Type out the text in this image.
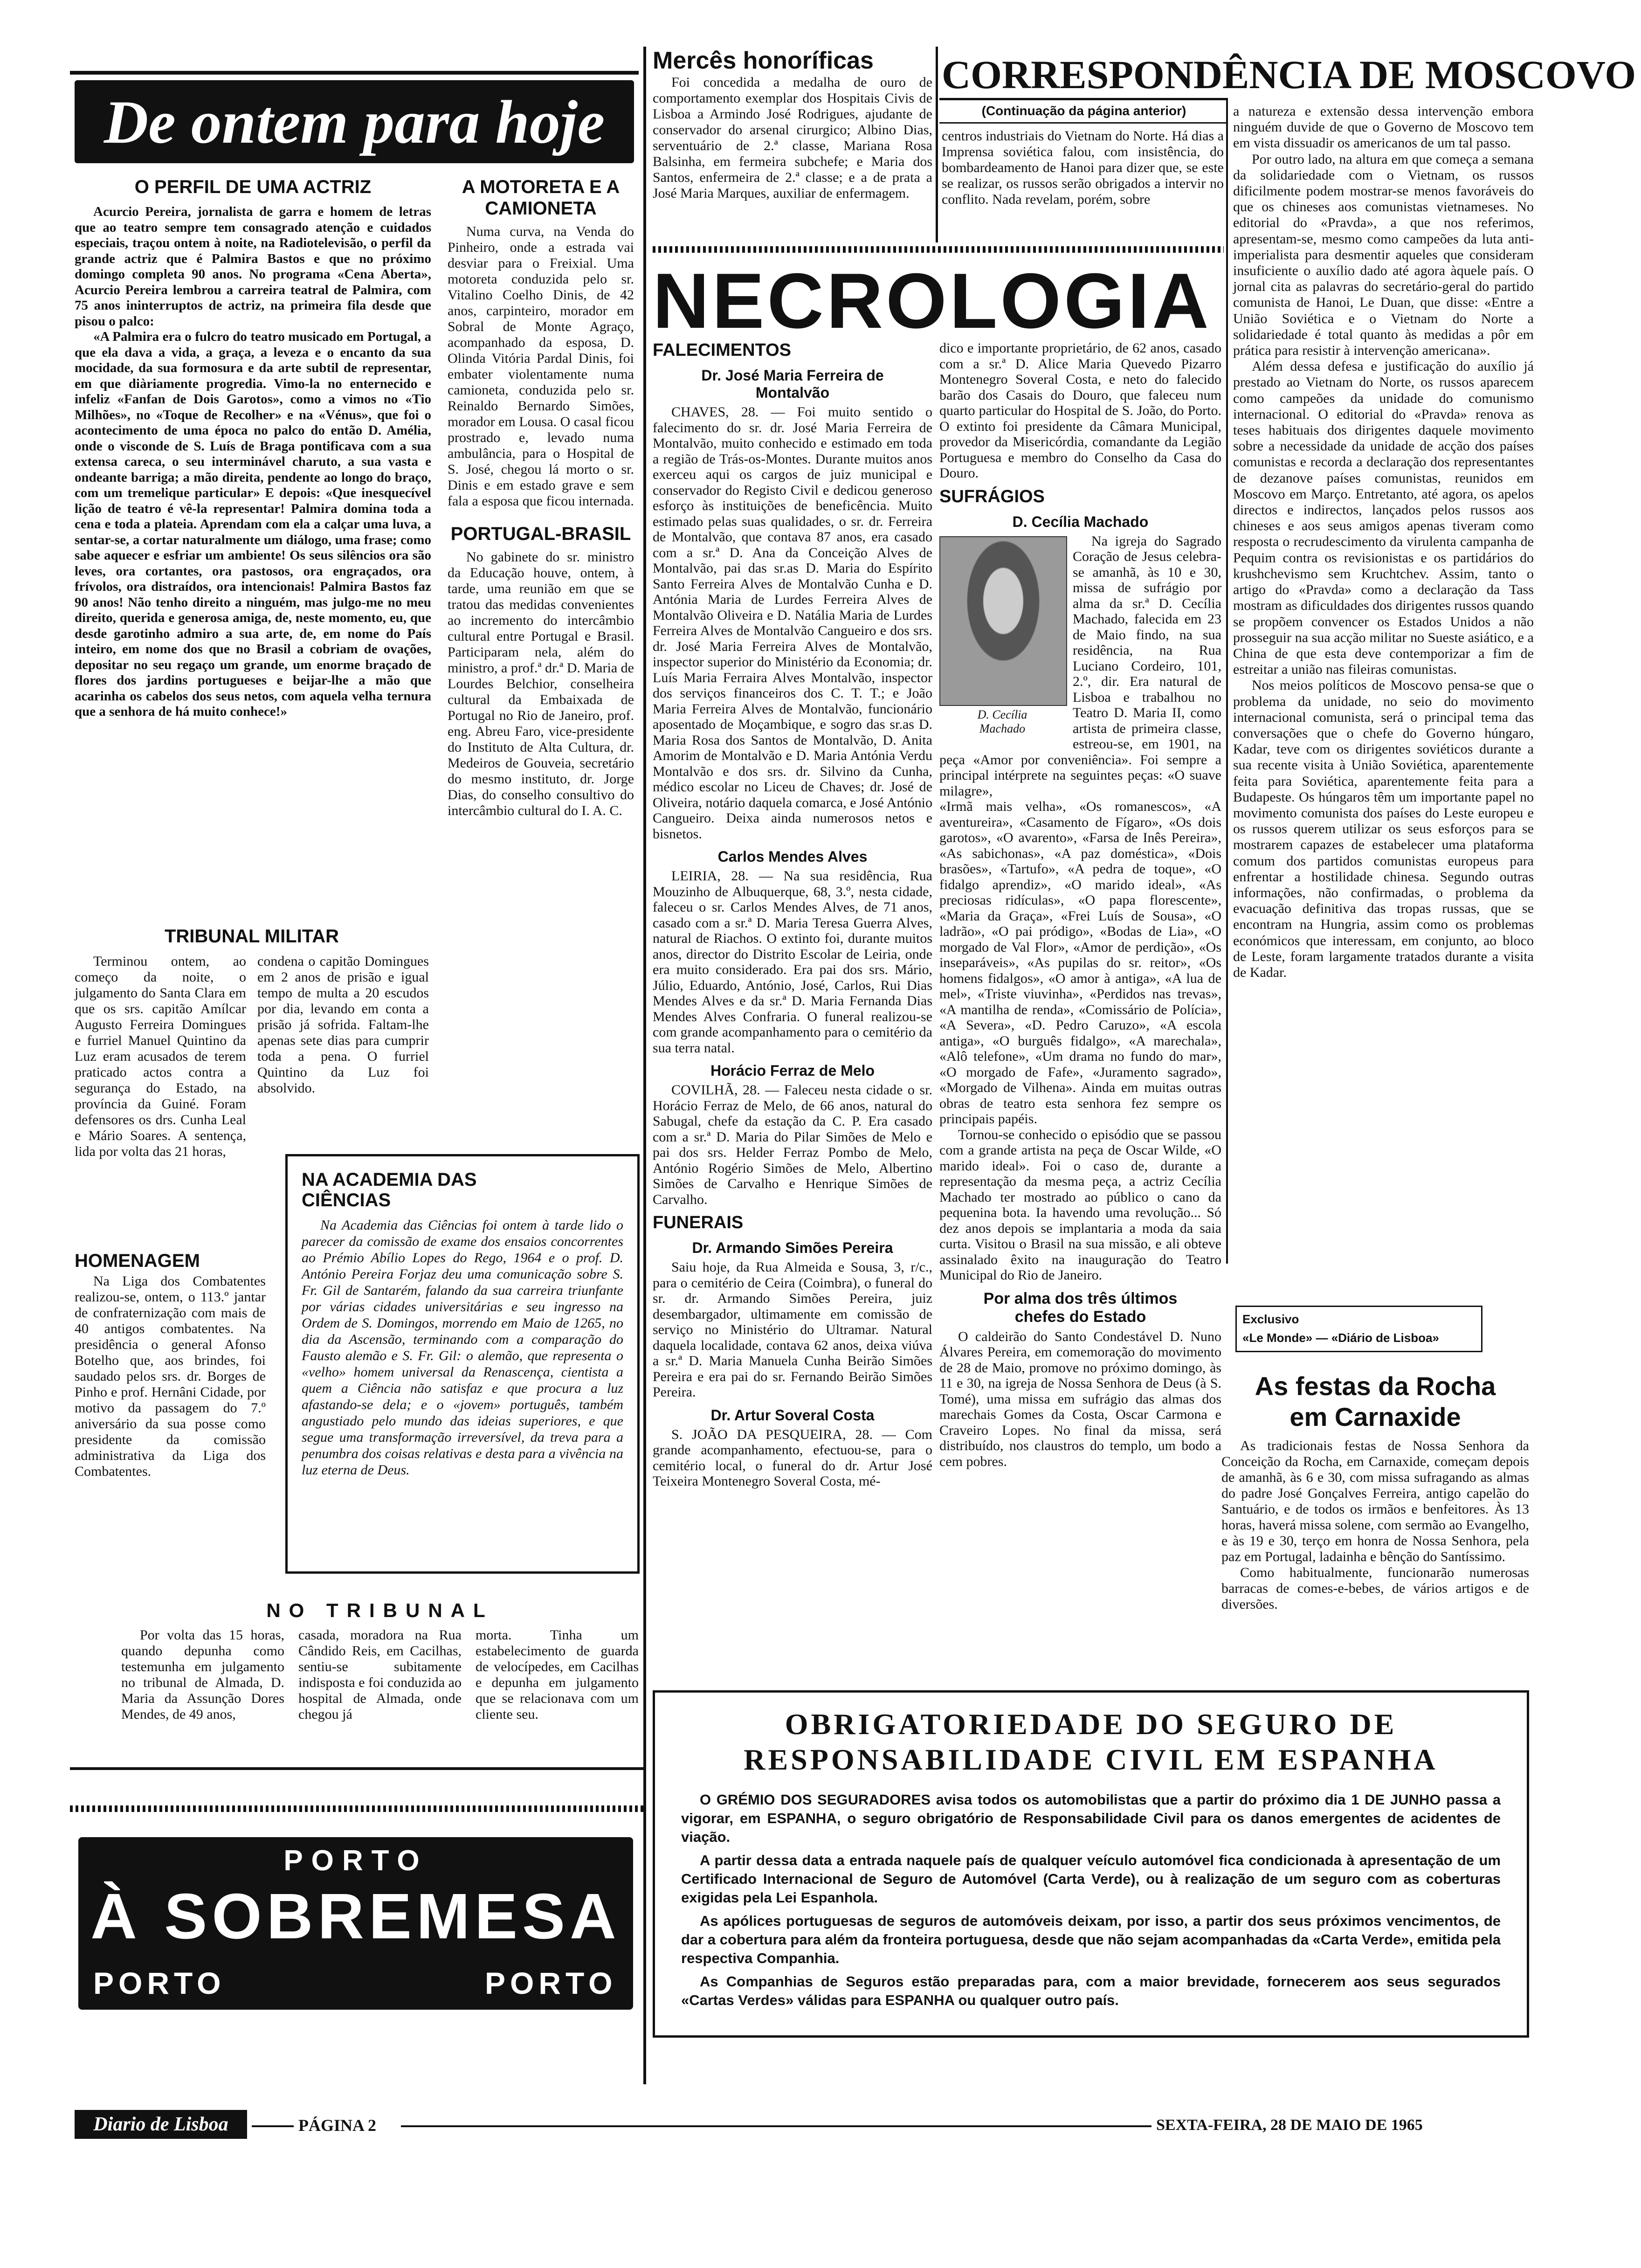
De ontem para hoje
O PERFIL DE UMA ACTRIZ

Acurcio Pereira, jornalista de garra e homem de letras que ao teatro sempre tem consagrado atenção e cuidados especiais, traçou ontem à noite, na Radiotelevisão, o perfil da grande actriz que é Palmira Bastos e que no próximo domingo completa 90 anos. No programa «Cena Aberta», Acurcio Pereira lembrou a carreira teatral de Palmira, com 75 anos ininterruptos de actriz, na primeira fila desde que pisou o palco:

«A Palmira era o fulcro do teatro musicado em Portugal, a que ela dava a vida, a graça, a leveza e o encanto da sua mocidade, da sua formosura e da arte subtil de representar, em que diàriamente progredia. Vimo-la no enternecido e infeliz «Fanfan de Dois Garotos», como a vimos no «Tio Milhões», no «Toque de Recolher» e na «Vénus», que foi o acontecimento de uma época no palco do então D. Amélia, onde o visconde de S. Luís de Braga pontificava com a sua extensa careca, o seu interminável charuto, a sua vasta e ondeante barriga; a mão direita, pendente ao longo do braço, com um tremelique particular» E depois: «Que inesquecível lição de teatro é vê-la representar! Palmira domina toda a cena e toda a plateia. Aprendam com ela a calçar uma luva, a sentar-se, a cortar naturalmente um diálogo, uma frase; como sabe aquecer e esfriar um ambiente! Os seus silêncios ora são leves, ora cortantes, ora pastosos, ora engraçados, ora frívolos, ora distraídos, ora intencionais! Palmira Bastos faz 90 anos! Não tenho direito a ninguém, mas julgo-me no meu direito, querida e generosa amiga, de, neste momento, eu, que desde garotinho admiro a sua arte, de, em nome do País inteiro, em nome dos que no Brasil a cobriam de ovações, depositar no seu regaço um grande, um enorme braçado de flores dos jardins portugueses e beijar-lhe a mão que acarinha os cabelos dos seus netos, com aquela velha ternura que a senhora de há muito conhece!»

A MOTORETA E A CAMIONETA

Numa curva, na Venda do Pinheiro, onde a estrada vai desviar para o Freixial. Uma motoreta conduzida pelo sr. Vitalino Coelho Dinis, de 42 anos, carpinteiro, morador em Sobral de Monte Agraço, acompanhado da esposa, D. Olinda Vitória Pardal Dinis, foi embater violentamente numa camioneta, conduzida pelo sr. Reinaldo Bernardo Simões, morador em Lousa. O casal ficou prostrado e, levado numa ambulância, para o Hospital de S. José, chegou lá morto o sr. Dinis e em estado grave e sem fala a esposa que ficou internada.

PORTUGAL-BRASIL

No gabinete do sr. ministro da Educação houve, ontem, à tarde, uma reunião em que se tratou das medidas convenientes ao incremento do intercâmbio cultural entre Portugal e Brasil. Participaram nela, além do ministro, a prof.ª dr.ª D. Maria de Lourdes Belchior, conselheira cultural da Embaixada de Portugal no Rio de Janeiro, prof. eng. Abreu Faro, vice-presidente do Instituto de Alta Cultura, dr. Medeiros de Gouveia, secretário do mesmo instituto, dr. Jorge Dias, do conselho consultivo do intercâmbio cultural do I. A. C.

TRIBUNAL MILITAR

Terminou ontem, ao começo da noite, o julgamento do Santa Clara em que os srs. capitão Amílcar Augusto Ferreira Domingues e furriel Manuel Quintino da Luz eram acusados de terem praticado actos contra a segurança do Estado, na província da Guiné. Foram defensores os drs. Cunha Leal e Mário Soares. A sentença, lida por volta das 21 horas,

condena o capitão Domingues em 2 anos de prisão e igual tempo de multa a 20 escudos por dia, levando em conta a prisão já sofrida. Faltam-lhe apenas sete dias para cumprir toda a pena. O furriel Quintino da Luz foi absolvido.

HOMENAGEM

Na Liga dos Combatentes realizou-se, ontem, o 113.º jantar de confraternização com mais de 40 antigos combatentes. Na presidência o general Afonso Botelho que, aos brindes, foi saudado pelos srs. dr. Borges de Pinho e prof. Hernâni Cidade, por motivo da passagem do 7.º aniversário da sua posse como presidente da comissão administrativa da Liga dos Combatentes.

NA ACADEMIA DAS CIÊNCIAS

Na Academia das Ciências foi ontem à tarde lido o parecer da comissão de exame dos ensaios concorrentes ao Prémio Abílio Lopes do Rego, 1964 e o prof. D. António Pereira Forjaz deu uma comunicação sobre S. Fr. Gil de Santarém, falando da sua carreira triunfante por várias cidades universitárias e seu ingresso na Ordem de S. Domingos, morrendo em Maio de 1265, no dia da Ascensão, terminando com a comparação do Fausto alemão e S. Fr. Gil: o alemão, que representa o «velho» homem universal da Renascença, cientista a quem a Ciência não satisfaz e que procura a luz afastando-se dela; e o «jovem» português, também angustiado pelo mundo das ideias superiores, e que segue uma transformação irreversível, da treva para a penumbra dos coisas relativas e desta para a vivência na luz eterna de Deus.

NO TRIBUNAL

Por volta das 15 horas, quando depunha como testemunha em julgamento no tribunal de Almada, D. Maria da Assunção Dores Mendes, de 49 anos,

casada, moradora na Rua Cândido Reis, em Cacilhas, sentiu-se subitamente indisposta e foi conduzida ao hospital de Almada, onde chegou já

morta. Tinha um estabelecimento de guarda de velocípedes, em Cacilhas e depunha em julgamento que se relacionava com um cliente seu.

PORTO
À SOBREMESA
PORTO	PORTO
Mercês honoríficas

Foi concedida a medalha de ouro de comportamento exemplar dos Hospitais Civis de Lisboa a Armindo José Rodrigues, ajudante de conservador do arsenal cirurgico; Albino Dias, serventuário de 2.ª classe, Mariana Rosa Balsinha, em fermeira subchefe; e Maria dos Santos, enfermeira de 2.ª classe; e a de prata a José Maria Marques, auxiliar de enfermagem.

CORRESPONDÊNCIA DE MOSCOVO
(Continuação da página anterior)

centros industriais do Vietnam do Norte. Há dias a Imprensa soviética falou, com insistência, do bombardeamento de Hanoi para dizer que, se este se realizar, os russos serão obrigados a intervir no conflito. Nada revelam, porém, sobre

a natureza e extensão dessa intervenção embora ninguém duvide de que o Governo de Moscovo tem em vista dissuadir os americanos de um tal passo.

Por outro lado, na altura em que começa a semana da solidariedade com o Vietnam, os russos dificilmente podem mostrar-se menos favoráveis do que os chineses aos comunistas vietnameses. No editorial do «Pravda», a que nos referimos, apresentam-se, mesmo como campeões da luta anti-imperialista para desmentir aqueles que consideram insuficiente o auxílio dado até agora àquele país. O jornal cita as palavras do secretário-geral do partido comunista de Hanoi, Le Duan, que disse: «Entre a União Soviética e o Vietnam do Norte a solidariedade é total quanto às medidas a pôr em prática para resistir à intervenção americana».

Além dessa defesa e justificação do auxílio já prestado ao Vietnam do Norte, os russos aparecem como campeões da unidade do comunismo internacional. O editorial do «Pravda» renova as teses habituais dos dirigentes daquele movimento sobre a necessidade da unidade de acção dos países comunistas e recorda a declaração dos representantes de dezanove países comunistas, reunidos em Moscovo em Março. Entretanto, até agora, os apelos directos e indirectos, lançados pelos russos aos chineses e aos seus amigos apenas tiveram como resposta o recrudescimento da virulenta campanha de Pequim contra os revisionistas e os partidários do krushchevismo sem Kruchtchev. Assim, tanto o artigo do «Pravda» como a declaração da Tass mostram as dificuldades dos dirigentes russos quando se propõem convencer os Estados Unidos a não prosseguir na sua acção militar no Sueste asiático, e a China de que esta deve contemporizar a fim de estreitar a união nas fileiras comunistas.

Nos meios políticos de Moscovo pensa-se que o problema da unidade, no seio do movimento internacional comunista, será o principal tema das conversações que o chefe do Governo húngaro, Kadar, teve com os dirigentes soviéticos durante a sua recente visita à União Soviética, aparentemente feita para Soviética, aparentemente feita para a Budapeste. Os húngaros têm um importante papel no movimento comunista dos países do Leste europeu e os russos querem utilizar os seus esforços para se mostrarem capazes de estabelecer uma plataforma comum dos partidos comunistas europeus para enfrentar a hostilidade chinesa. Segundo outras informações, não confirmadas, o problema da evacuação definitiva das tropas russas, que se encontram na Hungria, assim como os problemas económicos que interessam, em conjunto, ao bloco de Leste, foram largamente tratados durante a visita de Kadar.

Exclusivo
«Le Monde» — «Diário de Lisboa»
As festas da Rocha em Carnaxide

As tradicionais festas de Nossa Senhora da Conceição da Rocha, em Carnaxide, começam depois de amanhã, às 6 e 30, com missa sufragando as almas do padre José Gonçalves Ferreira, antigo capelão do Santuário, e de todos os irmãos e benfeitores. Às 13 horas, haverá missa solene, com sermão ao Evangelho, e às 19 e 30, terço em honra de Nossa Senhora, pela paz em Portugal, ladainha e bênção do Santíssimo.

Como habitualmente, funcionarão numerosas barracas de comes-e-bebes, de vários artigos e de diversões.

NECROLOGIA
FALECIMENTOS
Dr. José Maria Ferreira de Montalvão

CHAVES, 28. — Foi muito sentido o falecimento do sr. dr. José Maria Ferreira de Montalvão, muito conhecido e estimado em toda a região de Trás-os-Montes. Durante muitos anos exerceu aqui os cargos de juiz municipal e conservador do Registo Civil e dedicou generoso esforço às instituições de beneficência. Muito estimado pelas suas qualidades, o sr. dr. Ferreira de Montalvão, que contava 87 anos, era casado com a sr.ª D. Ana da Conceição Alves de Montalvão, pai das sr.as D. Maria do Espírito Santo Ferreira Alves de Montalvão Cunha e D. Antónia Maria de Lurdes Ferreira Alves de Montalvão Oliveira e D. Natália Maria de Lurdes Ferreira Alves de Montalvão Cangueiro e dos srs. dr. José Maria Ferreira Alves de Montalvão, inspector superior do Ministério da Economia; dr. Luís Maria Ferraira Alves Montalvão, inspector dos serviços financeiros dos C. T. T.; e João Maria Ferreira Alves de Montalvão, funcionário aposentado de Moçambique, e sogro das sr.as D. Maria Rosa dos Santos de Montalvão, D. Anita Amorim de Montalvão e D. Maria Antónia Verdu Montalvão e dos srs. dr. Silvino da Cunha, médico escolar no Liceu de Chaves; dr. José de Oliveira, notário daquela comarca, e José António Cangueiro. Deixa ainda numerosos netos e bisnetos.

Carlos Mendes Alves

LEIRIA, 28. — Na sua residência, Rua Mouzinho de Albuquerque, 68, 3.º, nesta cidade, faleceu o sr. Carlos Mendes Alves, de 71 anos, casado com a sr.ª D. Maria Teresa Guerra Alves, natural de Riachos. O extinto foi, durante muitos anos, director do Distrito Escolar de Leiria, onde era muito considerado. Era pai dos srs. Mário, Júlio, Eduardo, António, José, Carlos, Rui Dias Mendes Alves e da sr.ª D. Maria Fernanda Dias Mendes Alves Confraria. O funeral realizou-se com grande acompanhamento para o cemitério da sua terra natal.

Horácio Ferraz de Melo

COVILHÃ, 28. — Faleceu nesta cidade o sr. Horácio Ferraz de Melo, de 66 anos, natural do Sabugal, chefe da estação da C. P. Era casado com a sr.ª D. Maria do Pilar Simões de Melo e pai dos srs. Helder Ferraz Pombo de Melo, António Rogério Simões de Melo, Albertino Simões de Carvalho e Henrique Simões de Carvalho.

FUNERAIS
Dr. Armando Simões Pereira

Saiu hoje, da Rua Almeida e Sousa, 3, r/c., para o cemitério de Ceira (Coimbra), o funeral do sr. dr. Armando Simões Pereira, juiz desembargador, ultimamente em comissão de serviço no Ministério do Ultramar. Natural daquela localidade, contava 62 anos, deixa viúva a sr.ª D. Maria Manuela Cunha Beirão Simões Pereira e era pai do sr. Fernando Beirão Simões Pereira.

Dr. Artur Soveral Costa

S. JOÃO DA PESQUEIRA, 28. — Com grande acompanhamento, efectuou-se, para o cemitério local, o funeral do dr. Artur José Teixeira Montenegro Soveral Costa, mé-

dico e importante proprietário, de 62 anos, casado com a sr.ª D. Alice Maria Quevedo Pizarro Montenegro Soveral Costa, e neto do falecido barão dos Casais do Douro, que faleceu num quarto particular do Hospital de S. João, do Porto. O extinto foi presidente da Câmara Municipal, provedor da Misericórdia, comandante da Legião Portuguesa e membro do Conselho da Casa do Douro.

SUFRÁGIOS
D. Cecília Machado
D. Cecília Machado

Na igreja do Sagrado Coração de Jesus celebra-se amanhã, às 10 e 30, missa de sufrágio por alma da sr.ª D. Cecília Machado, falecida em 23 de Maio findo, na sua residência, na Rua Luciano Cordeiro, 101, 2.º, dir. Era natural de Lisboa e trabalhou no Teatro D. Maria II, como artista de primeira classe, estreou-se, em 1901, na peça «Amor por conveniência». Foi sempre a principal intérprete na seguintes peças: «O suave milagre»,

«Irmã mais velha», «Os romanescos», «A aventureira», «Casamento de Fígaro», «Os dois garotos», «O avarento», «Farsa de Inês Pereira», «As sabichonas», «A paz doméstica», «Dois brasões», «Tartufo», «A pedra de toque», «O fidalgo aprendiz», «O marido ideal», «As preciosas ridículas», «O papa florescente», «Maria da Graça», «Frei Luís de Sousa», «O ladrão», «O pai pródigo», «Bodas de Lia», «O morgado de Val Flor», «Amor de perdição», «Os inseparáveis», «As pupilas do sr. reitor», «Os homens fidalgos», «O amor à antiga», «A lua de mel», «Triste viuvinha», «Perdidos nas trevas», «A mantilha de renda», «Comissário de Polícia», «A Severa», «D. Pedro Caruzo», «A escola antiga», «O burguês fidalgo», «A marechala», «Alô telefone», «Um drama no fundo do mar», «O morgado de Fafe», «Juramento sagrado», «Morgado de Vilhena». Ainda em muitas outras obras de teatro esta senhora fez sempre os principais papéis.

Tornou-se conhecido o episódio que se passou com a grande artista na peça de Oscar Wilde, «O marido ideal». Foi o caso de, durante a representação da mesma peça, a actriz Cecília Machado ter mostrado ao público o cano da pequenina bota. Ia havendo uma revolução... Só dez anos depois se implantaria a moda da saia curta. Visitou o Brasil na sua missão, e ali obteve assinalado êxito na inauguração do Teatro Municipal do Rio de Janeiro.

Por alma dos três últimos chefes do Estado

O caldeirão do Santo Condestável D. Nuno Álvares Pereira, em comemoração do movimento de 28 de Maio, promove no próximo domingo, às 11 e 30, na igreja de Nossa Senhora de Deus (à S. Tomé), uma missa em sufrágio das almas dos marechais Gomes da Costa, Oscar Carmona e Craveiro Lopes. No final da missa, será distribuído, nos claustros do templo, um bodo a cem pobres.

OBRIGATORIEDADE DO SEGURO DE
RESPONSABILIDADE CIVIL EM ESPANHA

O GRÉMIO DOS SEGURADORES avisa todos os automobilistas que a partir do próximo dia 1 DE JUNHO passa a vigorar, em ESPANHA, o seguro obrigatório de Responsabilidade Civil para os danos emergentes de acidentes de viação.

A partir dessa data a entrada naquele país de qualquer veículo automóvel fica condicionada à apresentação de um Certificado Internacional de Seguro de Automóvel (Carta Verde), ou à realização de um seguro com as coberturas exigidas pela Lei Espanhola.

As apólices portuguesas de seguros de automóveis deixam, por isso, a partir dos seus próximos vencimentos, de dar a cobertura para além da fronteira portuguesa, desde que não sejam acompanhadas da «Carta Verde», emitida pela respectiva Companhia.

As Companhias de Seguros estão preparadas para, com a maior brevidade, fornecerem aos seus segurados «Cartas Verdes» válidas para ESPANHA ou qualquer outro país.

Diario de Lisboa	PÁGINA 2	SEXTA-FEIRA, 28 DE MAIO DE 1965
